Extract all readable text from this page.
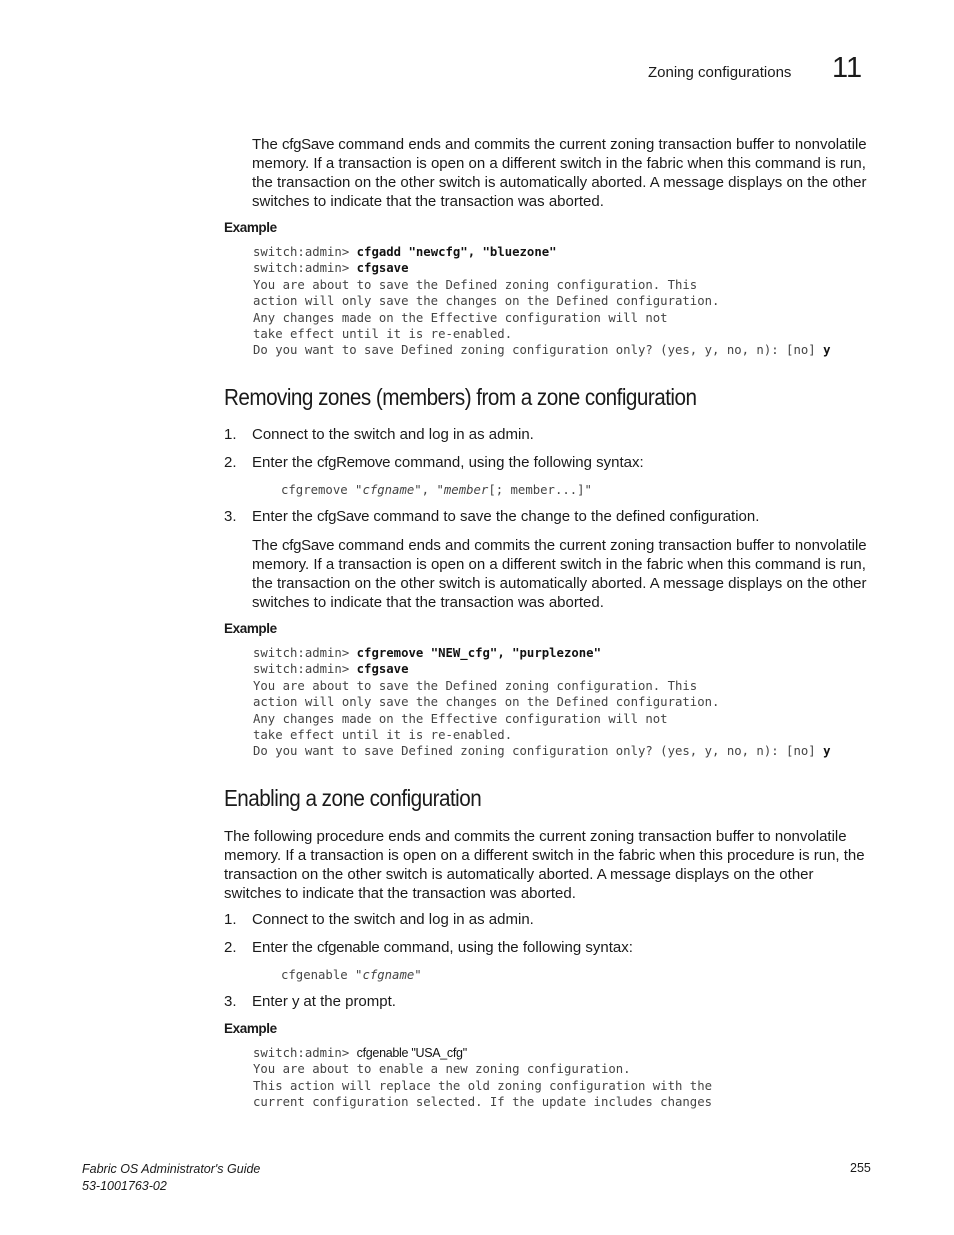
Zoning configurations 11
The cfgSave command ends and commits the current zoning transaction buffer to nonvolatile memory. If a transaction is open on a different switch in the fabric when this command is run, the transaction on the other switch is automatically aborted. A message displays on the other switches to indicate that the transaction was aborted.
Example
switch:admin> cfgadd "newcfg", "bluezone"
switch:admin> cfgsave
You are about to save the Defined zoning configuration. This
action will only save the changes on the Defined configuration.
Any changes made on the Effective configuration will not
take effect until it is re-enabled.
Do you want to save Defined zoning configuration only? (yes, y, no, n): [no] y
Removing zones (members) from a zone configuration
1. Connect to the switch and log in as admin.
2. Enter the cfgRemove command, using the following syntax:
cfgremove "cfgname", "member[; member...]"
3. Enter the cfgSave command to save the change to the defined configuration.
The cfgSave command ends and commits the current zoning transaction buffer to nonvolatile memory. If a transaction is open on a different switch in the fabric when this command is run, the transaction on the other switch is automatically aborted. A message displays on the other switches to indicate that the transaction was aborted.
Example
switch:admin> cfgremove "NEW_cfg", "purplezone"
switch:admin> cfgsave
You are about to save the Defined zoning configuration. This
action will only save the changes on the Defined configuration.
Any changes made on the Effective configuration will not
take effect until it is re-enabled.
Do you want to save Defined zoning configuration only? (yes, y, no, n): [no] y
Enabling a zone configuration
The following procedure ends and commits the current zoning transaction buffer to nonvolatile memory. If a transaction is open on a different switch in the fabric when this procedure is run, the transaction on the other switch is automatically aborted. A message displays on the other switches to indicate that the transaction was aborted.
1. Connect to the switch and log in as admin.
2. Enter the cfgenable command, using the following syntax:
cfgenable "cfgname"
3. Enter y at the prompt.
Example
switch:admin> cfgenable "USA_cfg"
You are about to enable a new zoning configuration.
This action will replace the old zoning configuration with the
current configuration selected. If the update includes changes
Fabric OS Administrator's Guide
53-1001763-02
255
